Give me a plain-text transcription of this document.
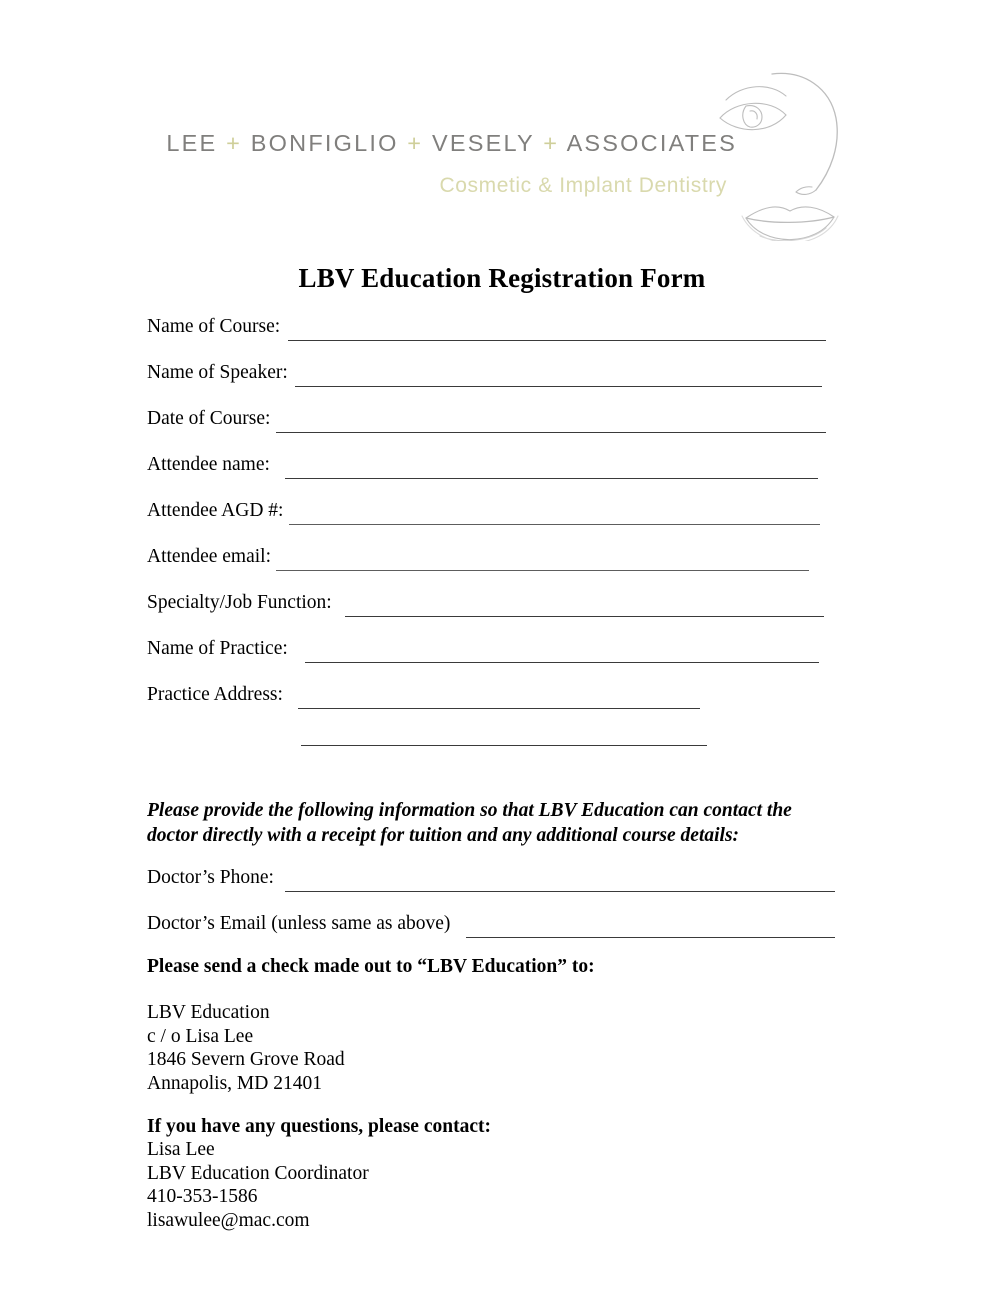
LEE + BONFIGLIO + VESELY + ASSOCIATES
Cosmetic & Implant Dentistry
LBV Education Registration Form
Name of Course:
Name of Speaker:
Date of Course:
Attendee name:
Attendee AGD #:
Attendee email:
Specialty/Job Function:
Name of Practice:
Practice Address:
Please provide the following information so that LBV Education can contact the doctor directly with a receipt for tuition and any additional course details:
Doctor’s Phone:
Doctor’s Email (unless same as above)
Please send a check made out to “LBV Education” to:
LBV Education
c / o Lisa Lee
1846 Severn Grove Road
Annapolis, MD 21401
If you have any questions, please contact:
Lisa Lee
LBV Education Coordinator
410-353-1586
lisawulee@mac.com
